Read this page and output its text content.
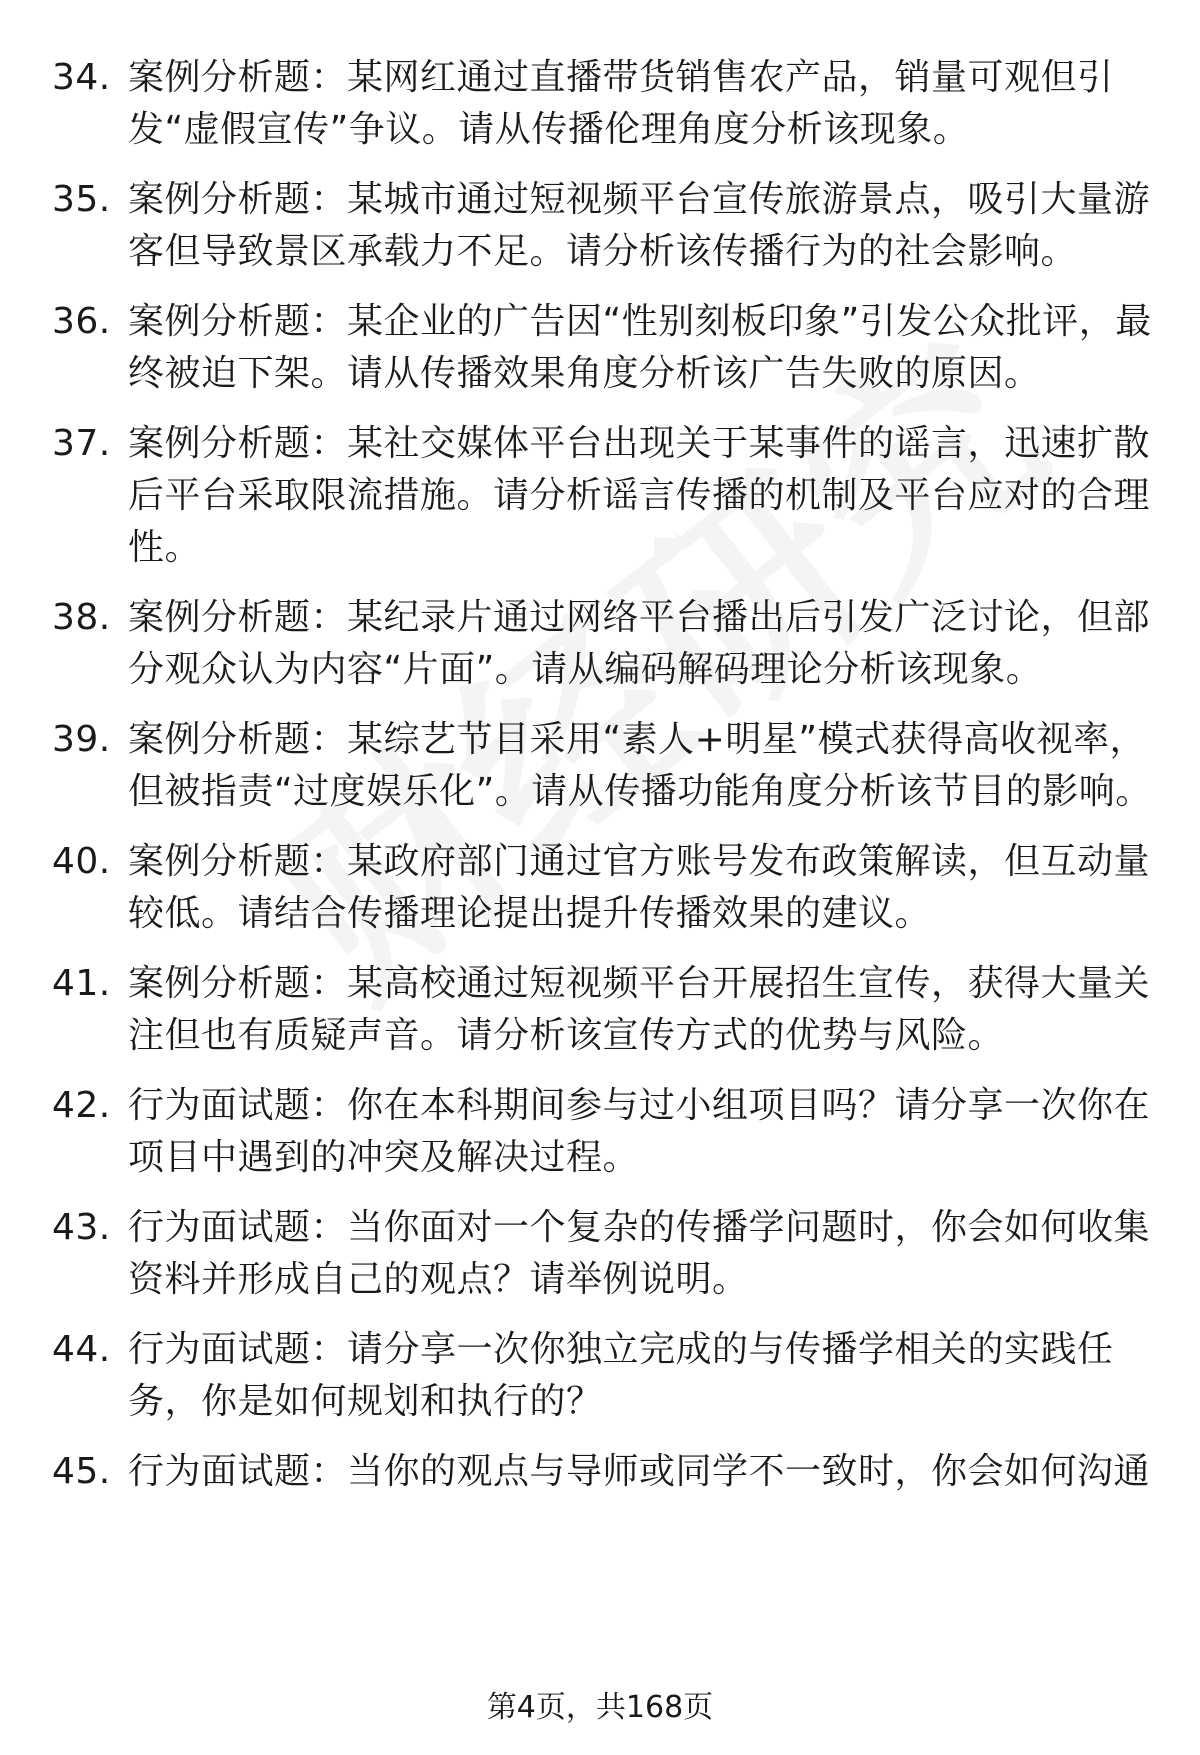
34. 案例分析题：某网红通过直播带货销售农产品，销量可观但引发“虚假宣传”争议。请从传播伦理角度分析该现象。
35. 案例分析题：某城市通过短视频平台宣传旅游景点，吸引大量游客但导致景区承载力不足。请分析该传播行为的社会影响。
36. 案例分析题：某企业的广告因“性别刻板印象”引发公众批评，最终被迫下架。请从传播效果角度分析该广告失败的原因。
37. 案例分析题：某社交媒体平台出现关于某事件的谣言，迅速扩散后平台采取限流措施。请分析谣言传播的机制及平台应对的合理性。
38. 案例分析题：某纪录片通过网络平台播出后引发广泛讨论，但部分观众认为内容“片面”。请从编码解码理论分析该现象。
39. 案例分析题：某综艺节目采用“素人+明星”模式获得高收视率，但被指责“过度娱乐化”。请从传播功能角度分析该节目的影响。
40. 案例分析题：某政府部门通过官方账号发布政策解读，但互动量较低。请结合传播理论提出提升传播效果的建议。
41. 案例分析题：某高校通过短视频平台开展招生宣传，获得大量关注但也有质疑声音。请分析该宣传方式的优势与风险。
42. 行为面试题：你在本科期间参与过小组项目吗？请分享一次你在项目中遇到的冲突及解决过程。
43. 行为面试题：当你面对一个复杂的传播学问题时，你会如何收集资料并形成自己的观点？请举例说明。
44. 行为面试题：请分享一次你独立完成的与传播学相关的实践任务，你是如何规划和执行的？
45. 行为面试题：当你的观点与导师或同学不一致时，你会如何沟通
第4页，共168页
